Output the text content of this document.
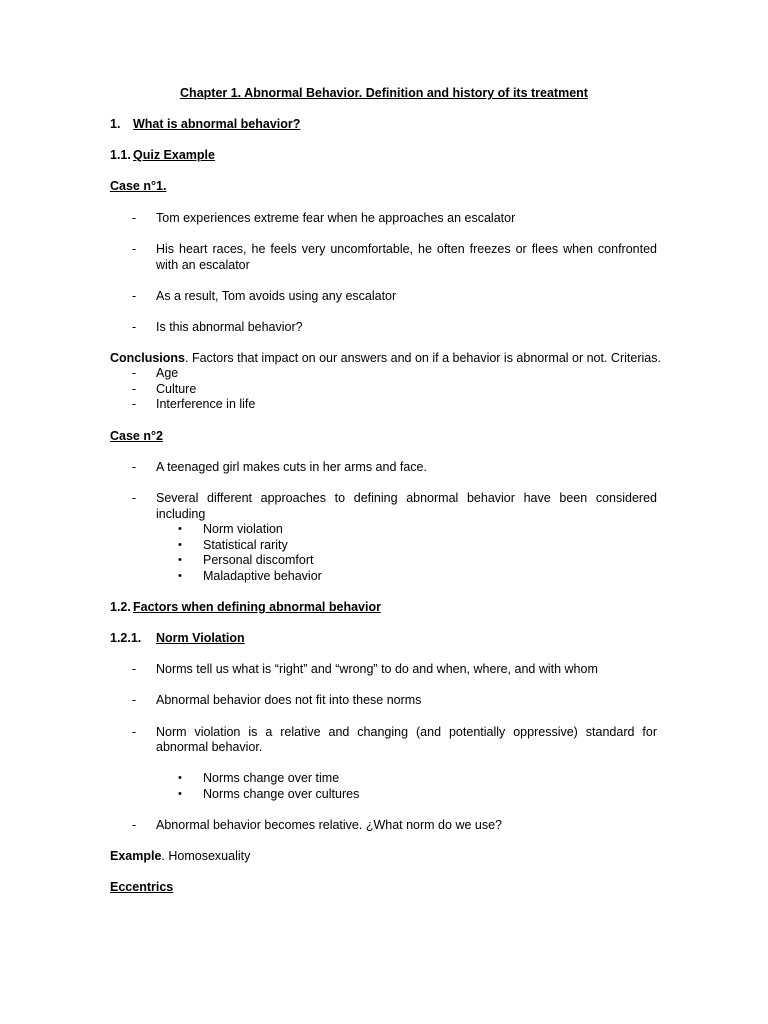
Chapter 1. Abnormal Behavior. Definition and history of its treatment
1. What is abnormal behavior?
1.1. Quiz Example
Case n°1.
- Tom experiences extreme fear when he approaches an escalator
- His heart races, he feels very uncomfortable, he often freezes or flees when confronted
with an escalator
- As a result, Tom avoids using any escalator
- Is this abnormal behavior?
Conclusions. Factors that impact on our answers and on if a behavior is abnormal or not. Criterias.
- Age
- Culture
- Interference in life
Case n°2
- A teenaged girl makes cuts in her arms and face.
- Several different approaches to defining abnormal behavior have been considered
including
• Norm violation
• Statistical rarity
• Personal discomfort
• Maladaptive behavior
1.2. Factors when defining abnormal behavior
1.2.1. Norm Violation
- Norms tell us what is “right” and “wrong” to do and when, where, and with whom
- Abnormal behavior does not fit into these norms
- Norm violation is a relative and changing (and potentially oppressive) standard for
abnormal behavior.
• Norms change over time
• Norms change over cultures
- Abnormal behavior becomes relative. ¿What norm do we use?
Example. Homosexuality
Eccentrics
